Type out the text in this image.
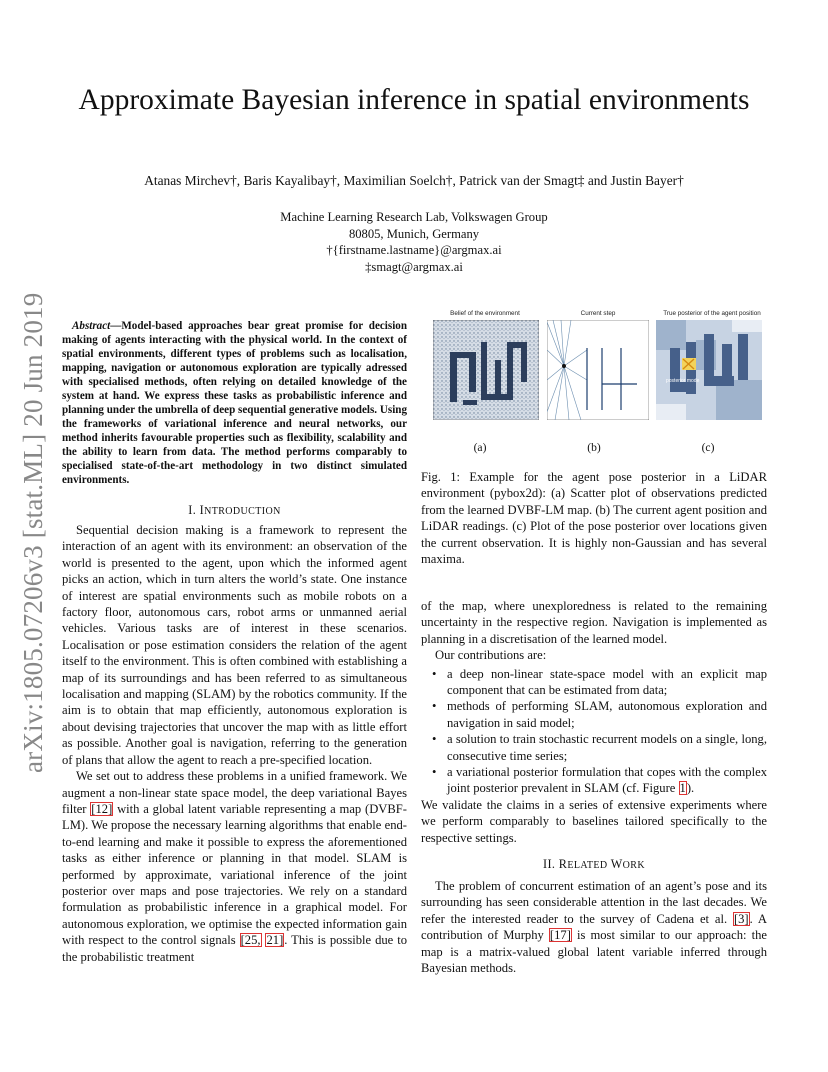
Approximate Bayesian inference in spatial environments
Atanas Mirchev†, Baris Kayalibay†, Maximilian Soelch†, Patrick van der Smagt‡ and Justin Bayer†
Machine Learning Research Lab, Volkswagen Group
80805, Munich, Germany
†{firstname.lastname}@argmax.ai
‡smagt@argmax.ai
arXiv:1805.07206v3 [stat.ML] 20 Jun 2019	Abstract—Model-based approaches bear great promise for decision making of agents interacting with the physical world. In the context of spatial environments, different types of problems such as localisation, mapping, navigation or autonomous exploration are typically adressed with specialised methods, often relying on detailed knowledge of the system at hand. We express these tasks as probabilistic inference and planning under the umbrella of deep sequential generative models. Using the frameworks of variational inference and neural networks, our method inherits favourable properties such as flexibility, scalability and the ability to learn from data. The method performs comparably to specialised state-of-the-art methodology in two distinct simulated environments.
I. INTRODUCTION

Sequential decision making is a framework to represent the interaction of an agent with its environment: an observation of the world is presented to the agent, upon which the informed agent picks an action, which in turn alters the world’s state. One instance of interest are spatial environments such as mobile robots on a factory floor, autonomous cars, robot arms or unmanned aerial vehicles. Various tasks are of interest in these scenarios. Localisation or pose estimation considers the relation of the agent itself to the environment. This is often combined with establishing a map of its surroundings and has been referred to as simultaneous localisation and mapping (SLAM) by the robotics community. If the aim is to obtain that map efficiently, autonomous exploration is about devising trajectories that uncover the map with as little effort as possible. Another goal is navigation, referring to the generation of plans that allow the agent to reach a pre-specified location.

We set out to address these problems in a unified framework. We augment a non-linear state space model, the deep variational Bayes filter [12] with a global latent variable representing a map (DVBF-LM). We propose the necessary learning algorithms that enable end-to-end learning and make it possible to express the aforementioned tasks as either inference or planning in that model. SLAM is performed by approximate, variational inference of the joint posterior over maps and pose trajectories. We rely on a standard formulation as probabilistic inference in a graphical model. For autonomous exploration, we optimise the expected information gain with respect to the control signals [25, 21]. This is possible due to the probabilistic treatment

Belief of the environment	Current step	True posterior of the agent position
posterior mode
(a)	(b)	(c)
Fig. 1: Example for the agent pose posterior in a LiDAR environment (pybox2d): (a) Scatter plot of observations predicted from the learned DVBF-LM map. (b) The current agent position and LiDAR readings. (c) Plot of the pose posterior over locations given the current observation. It is highly non-Gaussian and has several maxima.

of the map, where unexploredness is related to the remaining uncertainty in the respective region. Navigation is implemented as planning in a discretisation of the learned model.

Our contributions are:

• a deep non-linear state-space model with an explicit map component that can be estimated from data;
• methods of performing SLAM, autonomous exploration and navigation in said model;
• a solution to train stochastic recurrent models on a single, long, consecutive time series;
• a variational posterior formulation that copes with the complex joint posterior prevalent in SLAM (cf. Figure 1).

We validate the claims in a series of extensive experiments where we perform comparably to baselines tailored specifically to the respective settings.

II. RELATED WORK

The problem of concurrent estimation of an agent’s pose and its surrounding has seen considerable attention in the last decades. We refer the interested reader to the survey of Cadena et al. [3]. A contribution of Murphy [17] is most similar to our approach: the map is a matrix-valued global latent variable inferred through Bayesian methods.
